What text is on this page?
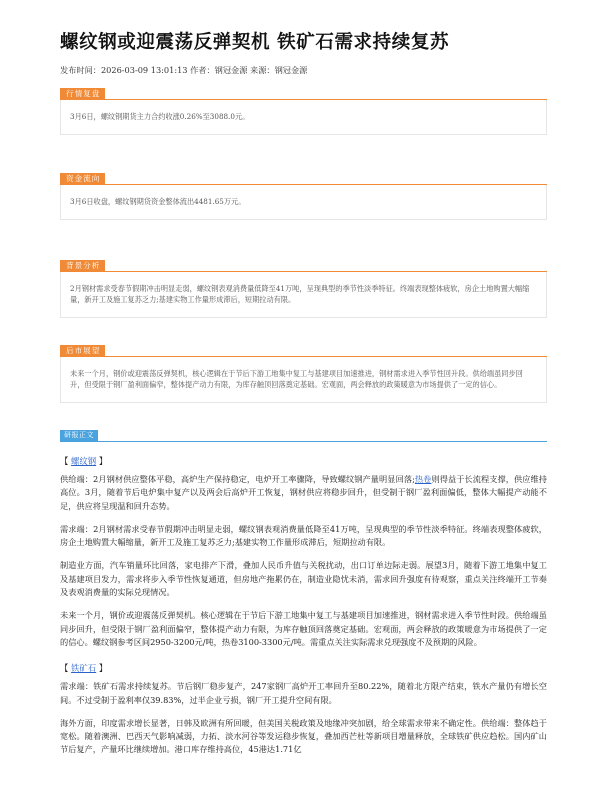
螺纹钢或迎震荡反弹契机 铁矿石需求持续复苏
发布时间：2026-03-09 13:01:13 作者：钢冠金源 来源：钢冠金源
行情复盘

3月6日，螺纹钢期货主力合约收涨0.26%至3088.0元。

资金流向

3月6日收盘，螺纹钢期货资金整体流出4481.65万元。

背景分析

2月钢材需求受春节假期冲击明显走弱，螺纹钢表观消费量低降至41万吨，呈现典型的季节性淡季特征。终端表现整体疲软，房企土地购置大幅缩量，新开工及施工复苏乏力;基建实物工作量形成滞后，短期拉动有限。

后市展望

未来一个月，钢价或迎震荡反弹契机，核心逻辑在于节后下游工地集中复工与基建项目加速推进，钢材需求进入季节性回升段。供给端虽同步回升，但受限于钢厂盈利面偏窄，整体提产动力有限，为库存触顶回落奠定基础。宏观面，两会释放的政策暖意为市场提供了一定的信心。

研报正文
【 螺纹钢 】

供给端：2月钢材供应整体平稳，高炉生产保持稳定，电炉开工率骤降，导致螺纹钢产量明显回落;热卷则得益于长流程支撑，供应维持高位。3月，随着节后电炉集中复产以及两会后高炉开工恢复，钢材供应将稳步回升，但受制于钢厂盈利面偏低，整体大幅提产动能不足，供应将呈现温和回升态势。

需求端：2月钢材需求受春节假期冲击明显走弱，螺纹钢表观消费量低降至41万吨，呈现典型的季节性淡季特征。终端表现整体疲软，房企土地购置大幅缩量，新开工及施工复苏乏力;基建实物工作量形成滞后，短期拉动有限。

制造业方面，汽车销量环比回落，家电排产下滑，叠加人民币升值与关税扰动，出口订单边际走弱。展望3月，随着下游工地集中复工及基建项目发力，需求将步入季节性恢复通道，但房地产拖累仍在，制造业隐忧未消，需求回升强度有待观察，重点关注终端开工节奏及表观消费量的实际兑现情况。

未来一个月，钢价或迎震荡反弹契机。核心逻辑在于节后下游工地集中复工与基建项目加速推进，钢材需求进入季节性时段。供给端虽同步回升，但受限于钢厂盈利面偏窄，整体提产动力有限，为库存触顶回落奠定基础。宏观面，两会释放的政策暖意为市场提供了一定的信心。螺纹钢参考区间2950-3200元/吨，热卷3100-3300元/吨。需重点关注实际需求兑现强度不及预期的风险。

【 铁矿石 】

需求端：铁矿石需求持续复苏。节后钢厂稳步复产，247家钢厂高炉开工率回升至80.22%，随着北方限产结束，铁水产量仍有增长空间。不过受制于盈利率仅39.83%，过半企业亏损，钢厂开工提升空间有限。

海外方面，印度需求增长显著，日韩及欧洲有所回暖，但美国关税政策及地缘冲突加剧，给全球需求带来不确定性。供给端：整体趋于宽松。随着澳洲、巴西天气影响减弱，力拓、淡水河谷等发运稳步恢复，叠加西芒杜等新项目增量释放，全球铁矿供应趋松。国内矿山节后复产，产量环比继续增加。港口库存维持高位，45港达1.71亿
